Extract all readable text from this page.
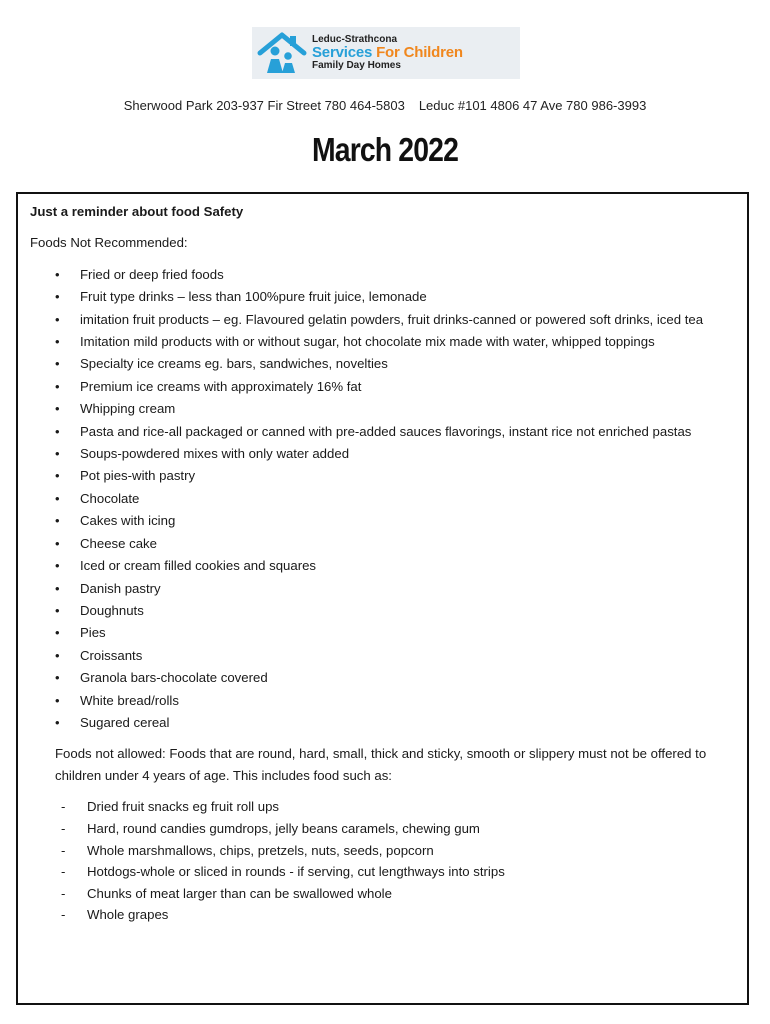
Leduc-Strathcona
Services For Children
Family Day Homes
Sherwood Park 203-937 Fir Street 780 464-5803 Leduc #101 4806 47 Ave 780 986-3993
March 2022
Just a reminder about food Safety
Foods Not Recommended:
• Fried or deep fried foods
• Fruit type drinks – less than 100%pure fruit juice, lemonade
• imitation fruit products – eg. Flavoured gelatin powders, fruit drinks-canned or powered soft drinks, iced tea
• Imitation mild products with or without sugar, hot chocolate mix made with water, whipped toppings
• Specialty ice creams eg. bars, sandwiches, novelties
• Premium ice creams with approximately 16% fat
• Whipping cream
• Pasta and rice-all packaged or canned with pre-added sauces flavorings, instant rice not enriched pastas
• Soups-powdered mixes with only water added
• Pot pies-with pastry
• Chocolate
• Cakes with icing
• Cheese cake
• Iced or cream filled cookies and squares
• Danish pastry
• Doughnuts
• Pies
• Croissants
• Granola bars-chocolate covered
• White bread/rolls
• Sugared cereal
Foods not allowed: Foods that are round, hard, small, thick and sticky, smooth or slippery must not be offered to children under 4 years of age. This includes food such as:
- Dried fruit snacks eg fruit roll ups
- Hard, round candies gumdrops, jelly beans caramels, chewing gum
- Whole marshmallows, chips, pretzels, nuts, seeds, popcorn
- Hotdogs-whole or sliced in rounds - if serving, cut lengthways into strips
- Chunks of meat larger than can be swallowed whole
- Whole grapes
